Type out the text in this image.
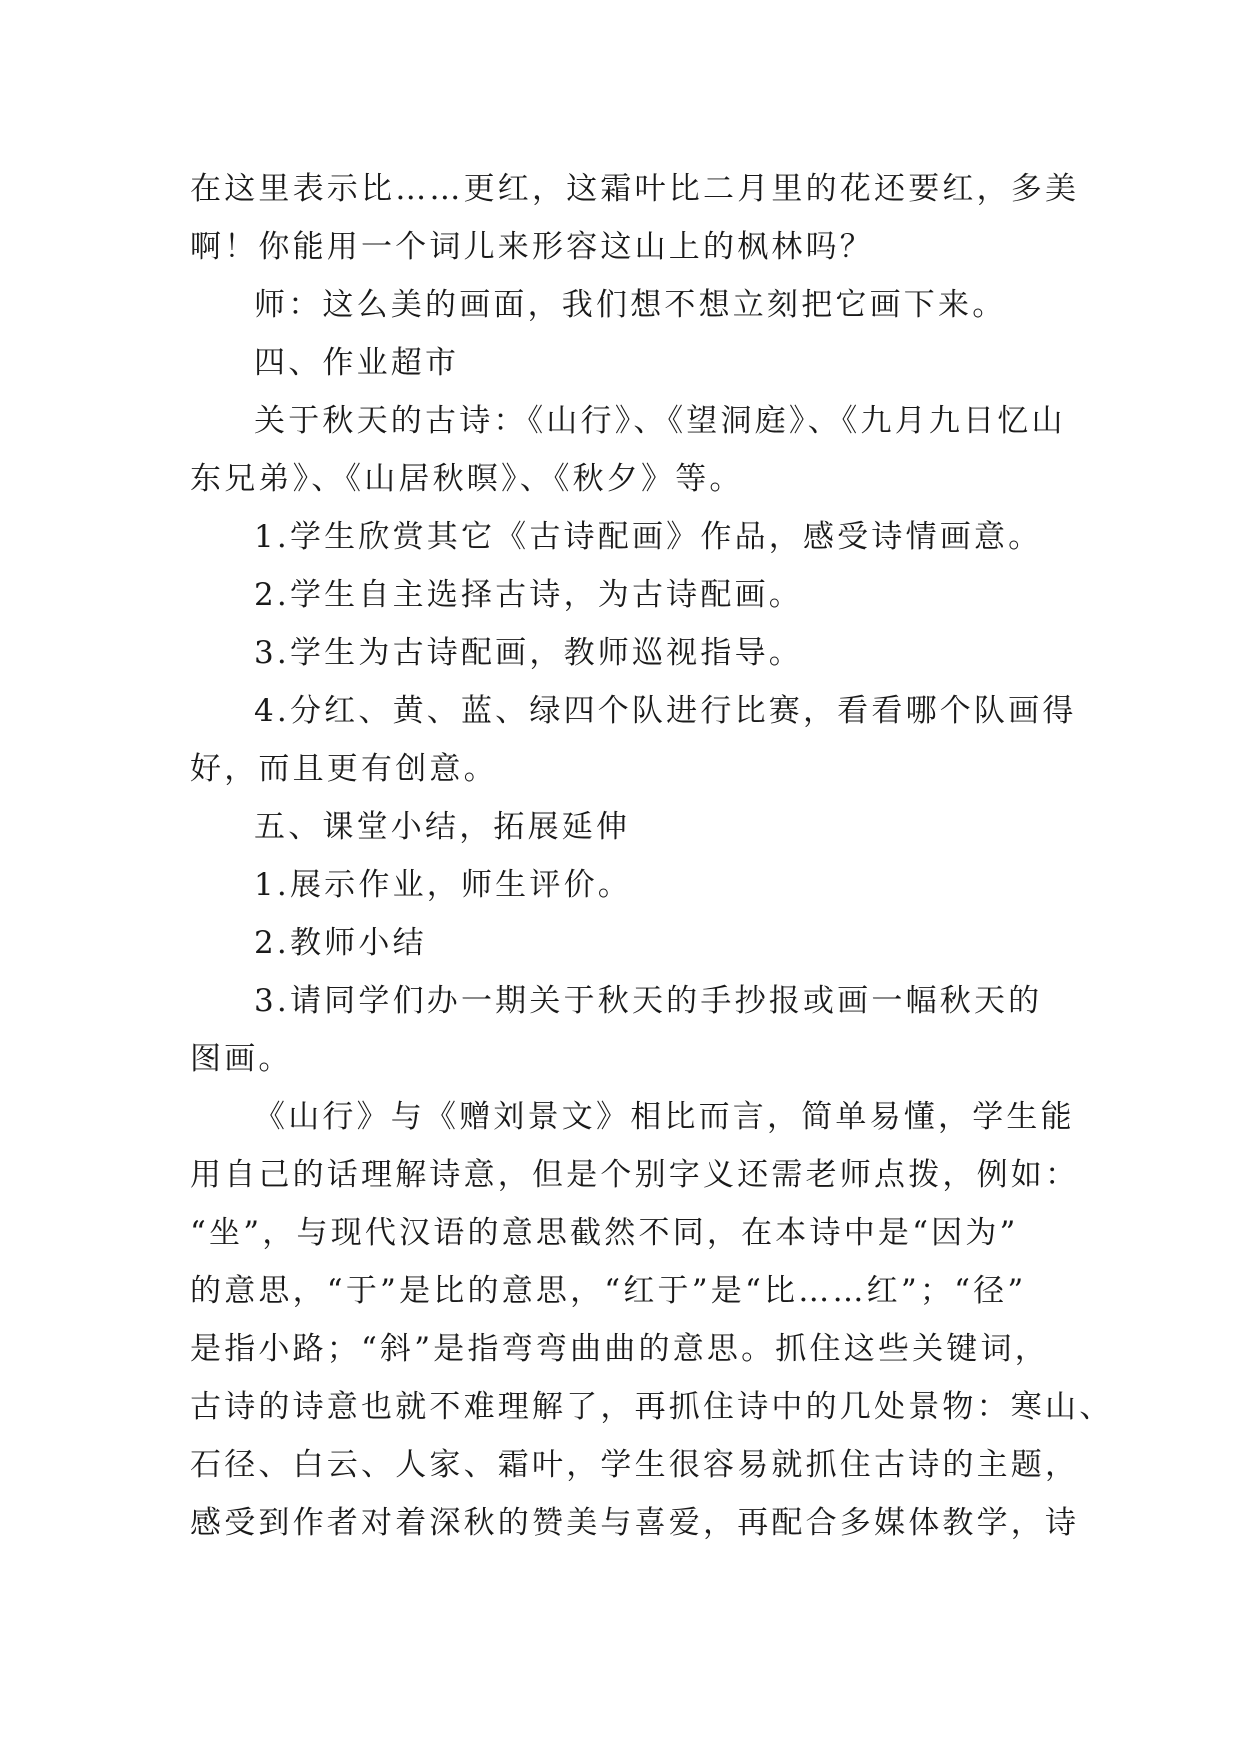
在这里表示比……更红，这霜叶比二月里的花还要红，多美
啊！你能用一个词儿来形容这山上的枫林吗？
师：这么美的画面，我们想不想立刻把它画下来。
四、作业超市
关于秋天的古诗：《山行》、《望洞庭》、《九月九日忆山
东兄弟》、《山居秋暝》、《秋夕》等。
1.学生欣赏其它《古诗配画》作品，感受诗情画意。
2.学生自主选择古诗，为古诗配画。
3.学生为古诗配画，教师巡视指导。
4.分红、黄、蓝、绿四个队进行比赛，看看哪个队画得
好，而且更有创意。
五、课堂小结，拓展延伸
1.展示作业，师生评价。
2.教师小结
3.请同学们办一期关于秋天的手抄报或画一幅秋天的
图画。
《山行》与《赠刘景文》相比而言，简单易懂，学生能
用自己的话理解诗意，但是个别字义还需老师点拨，例如：
“坐”，与现代汉语的意思截然不同，在本诗中是“因为”
的意思，“于”是比的意思，“红于”是“比……红”；“径”
是指小路；“斜”是指弯弯曲曲的意思。抓住这些关键词，
古诗的诗意也就不难理解了，再抓住诗中的几处景物：寒山、
石径、白云、人家、霜叶，学生很容易就抓住古诗的主题，
感受到作者对着深秋的赞美与喜爱，再配合多媒体教学，诗
